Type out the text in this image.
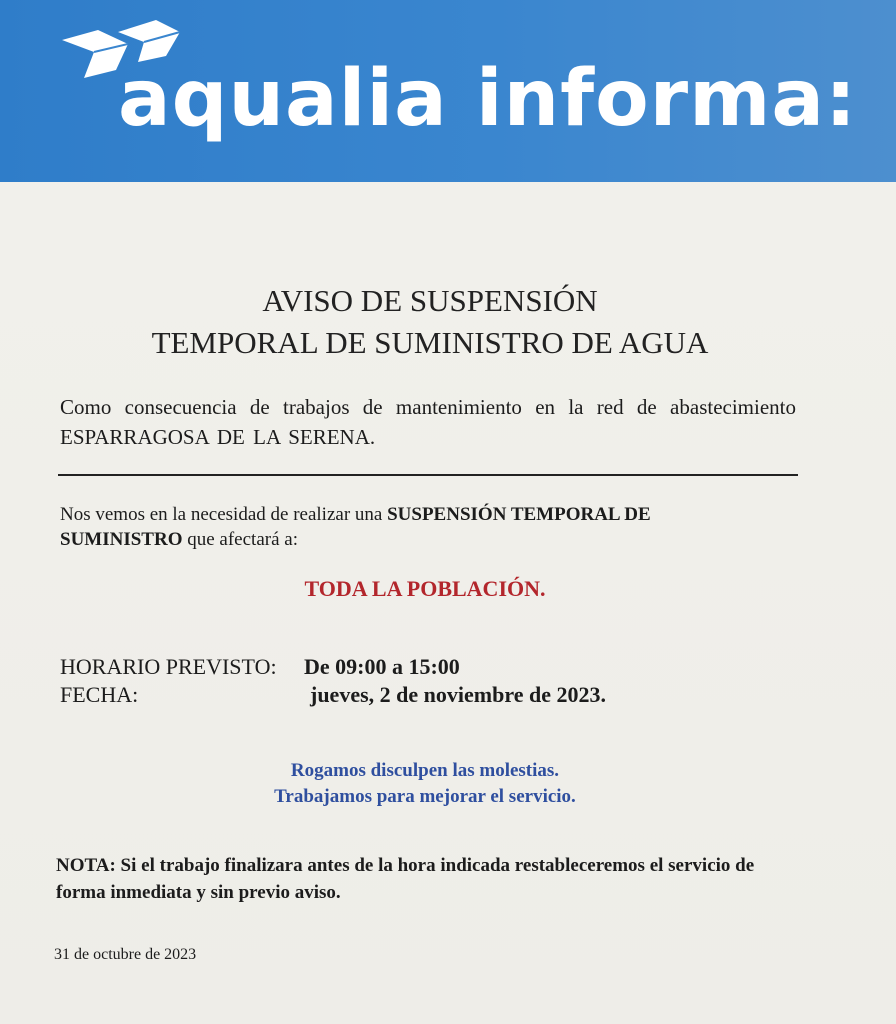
aqualia informa:
AVISO DE SUSPENSIÓN
TEMPORAL DE SUMINISTRO DE AGUA
Como consecuencia de trabajos de mantenimiento en la red de abastecimiento ESPARRAGOSA DE LA SERENA.
Nos vemos en la necesidad de realizar una SUSPENSIÓN TEMPORAL DE SUMINISTRO que afectará a:
TODA LA POBLACIÓN.
HORARIO PREVISTO: De 09:00 a 15:00
FECHA:	jueves, 2 de noviembre de 2023.
Rogamos disculpen las molestias.
Trabajamos para mejorar el servicio.
NOTA: Si el trabajo finalizara antes de la hora indicada restableceremos el servicio de forma inmediata y sin previo aviso.
31 de octubre de 2023
